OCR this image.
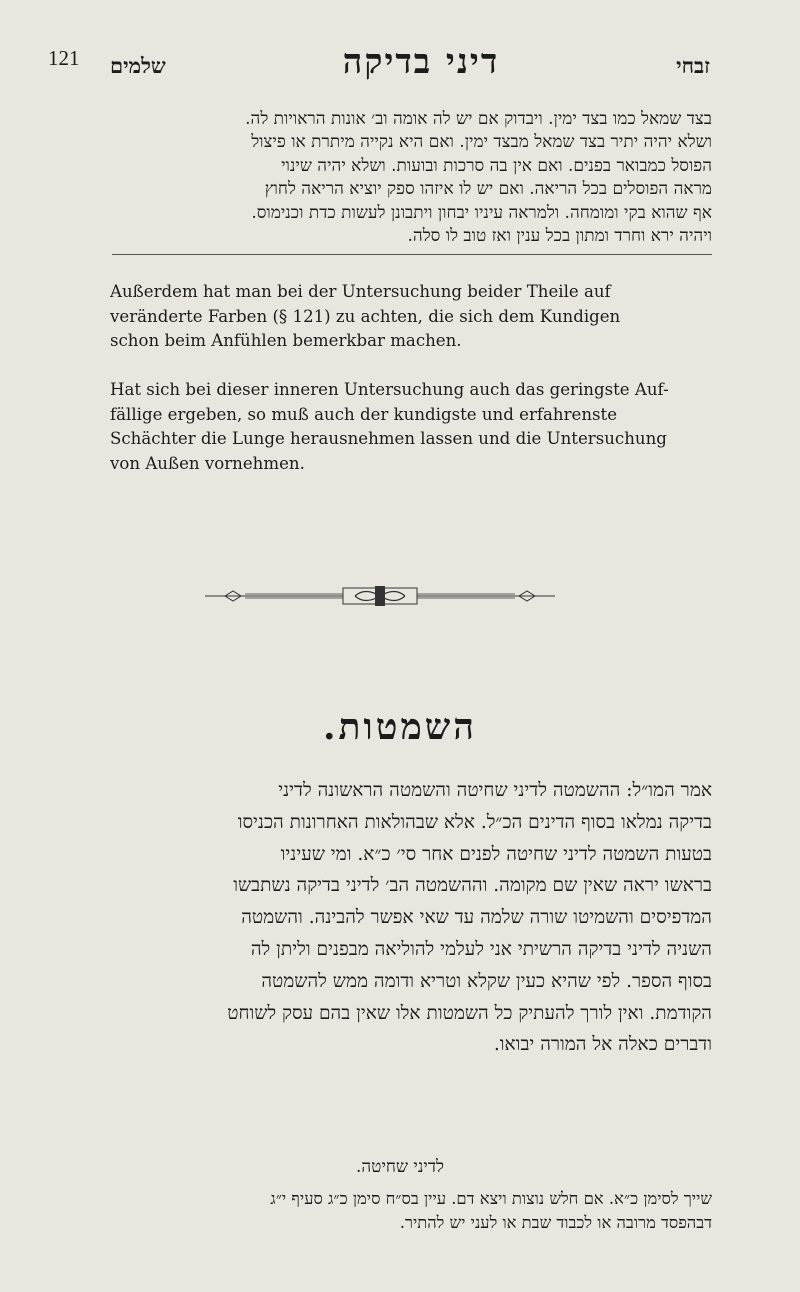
121	זבחי
דיני בדיקה
שלמים
בצד שמאל כמו בצד ימין. ויבדוק אם יש לה אומה וב׳ אונות הראויות לה.
ושלא יהיה יתיר בצד שמאל מבצד ימין. ואם היא נקייה מיתרת או פיצול
הפוסל כמבואר בפנים. ואם אין בה סרכות ובועות. ושלא יהיה שינוי
מראה הפוסלים בכל הריאה. ואם יש לו איזהו ספק יוציא הריאה לחוץ
אף שהוא בקי ומומחה. ולמראה עיניו יבחון ויתבונן לעשות כדת וכנימוס.
ויהיה ירא וחרד ומתון בכל ענין ואז טוב לו סלה.
Außerdem hat man bei der Untersuchung beider Theile auf
veränderte Farben (§ 121) zu achten, die sich dem Kundigen
schon beim Anfühlen bemerkbar machen.
Hat sich bei dieser inneren Untersuchung auch das geringste Auf-
fällige ergeben, so muß auch der kundigste und erfahrenste
Schächter die Lunge herausnehmen lassen und die Untersuchung
von Außen vornehmen.
השמטות.
אמר המו״ל: ההשמטה לדיני שחיטה והשמטה הראשונה לדיני
בדיקה נמלאו בסוף הדינים הכ״ל. אלא שבהולאות האחרונות הכניסו
בטעות השמטה לדיני שחיטה לפנים אחר סי׳ כ״א. ומי שעיניו
בראשו יראה שאין שם מקומה. וההשמטה הב׳ לדיני בדיקה נשתבשו
המדפיסים והשמיטו שורה שלמה עד שאי אפשר להבינה. והשמטה
השניה לדיני בדיקה הרשיתי אני לעלמי להוליאה מבפנים וליתן לה
בסוף הספר. לפי שהיא כעין שקלא וטריא ודומה ממש להשמטה
הקודמת. ואין לורך להעתיק כל השמטות אלו שאין בהם עסק לשוחט
ודברים כאלה אל המורה יבואו.
לדיני שחיטה.
שייך לסימן כ״א. אם חלש נוצות ויצא דם. עיין בס״ח סימן כ״ג סעיף י״ג
דבהפסד מרובה או לכבוד שבת או לעני יש להתיר.
